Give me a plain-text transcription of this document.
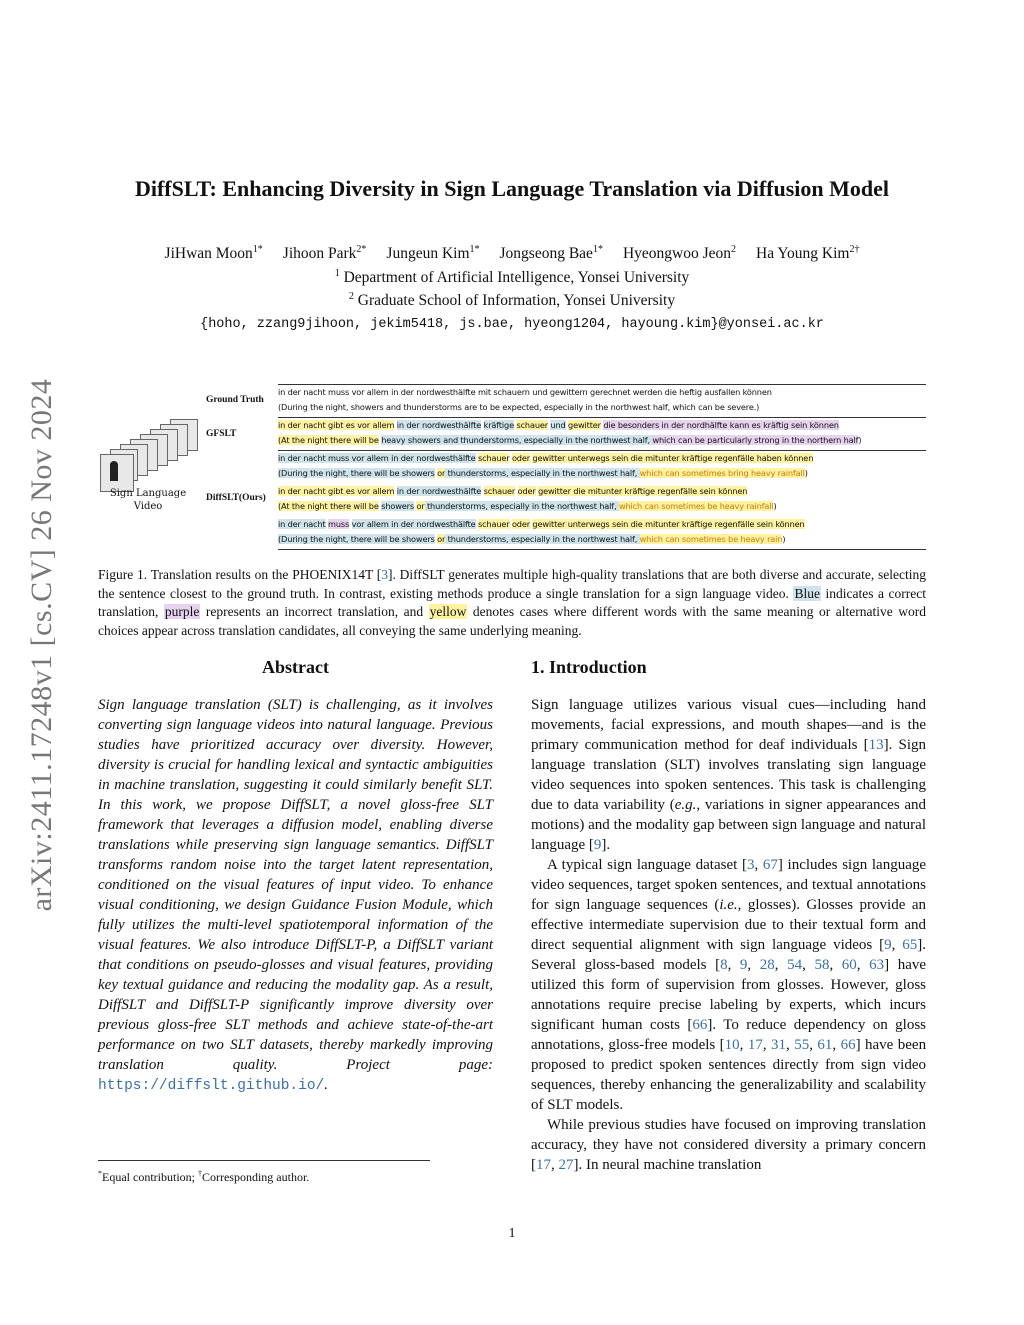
arXiv:2411.17248v1 [cs.CV] 26 Nov 2024
DiffSLT: Enhancing Diversity in Sign Language Translation via Diffusion Model
JiHwan Moon$^{1*}$ Jihoon Park$^{2*}$ Jungeun Kim$^{1*}$ Jongseong Bae$^{1*}$ Hyeongwoo Jeon$^2$ Ha Young Kim$^{2\dagger}$
$^1$ Department of Artificial Intelligence, Yonsei University
$^2$ Graduate School of Information, Yonsei University
{hoho, zzang9jihoon, jekim5418, js.bae, hyeong1204, hayoung.kim}@yonsei.ac.kr
Sign Language
Video
Ground Truth
in der nacht muss vor allem in der nordwesthälfte mit schauern und gewittern gerechnet werden die heftig ausfallen können
(During the night, showers and thunderstorms are to be expected, especially in the northwest half, which can be severe.)
GFSLT
in der nacht gibt es vor allem in der nordwesthälfte kräftige schauer und gewitter die besonders in der nordhälfte kann es kräftig sein können
(At the night there will be heavy showers and thunderstorms, especially in the northwest half, which can be particularly strong in the northern half)
DiffSLT(Ours)
in der nacht muss vor allem in der nordwesthälfte schauer oder gewitter unterwegs sein die mitunter kräftige regenfälle haben können
(During the night, there will be showers or thunderstorms, especially in the northwest half, which can sometimes bring heavy rainfall)
in der nacht gibt es vor allem in der nordwesthälfte schauer oder gewitter die mitunter kräftige regenfälle sein können
(At the night there will be showers or thunderstorms, especially in the northwest half, which can sometimes be heavy rainfall)
in der nacht muss vor allem in der nordwesthälfte schauer oder gewitter unterwegs sein die mitunter kräftige regenfälle sein können
(During the night, there will be showers or thunderstorms, especially in the northwest half, which can sometimes be heavy rain)
Figure 1. Translation results on the PHOENIX14T [3]. DiffSLT generates multiple high-quality translations that are both diverse and accurate, selecting the sentence closest to the ground truth. In contrast, existing methods produce a single translation for a sign language video. Blue indicates a correct translation, purple represents an incorrect translation, and yellow denotes cases where different words with the same meaning or alternative word choices appear across translation candidates, all conveying the same underlying meaning.
Abstract

Sign language translation (SLT) is challenging, as it involves converting sign language videos into natural language. Previous studies have prioritized accuracy over diversity. However, diversity is crucial for handling lexical and syntactic ambiguities in machine translation, suggesting it could similarly benefit SLT. In this work, we propose DiffSLT, a novel gloss-free SLT framework that leverages a diffusion model, enabling diverse translations while preserving sign language semantics. DiffSLT transforms random noise into the target latent representation, conditioned on the visual features of input video. To enhance visual conditioning, we design Guidance Fusion Module, which fully utilizes the multi-level spatiotemporal information of the visual features. We also introduce DiffSLT-P, a DiffSLT variant that conditions on pseudo-glosses and visual features, providing key textual guidance and reducing the modality gap. As a result, DiffSLT and DiffSLT-P significantly improve diversity over previous gloss-free SLT methods and achieve state-of-the-art performance on two SLT datasets, thereby markedly improving translation quality. Project page: https://diffslt.github.io/.

1. Introduction

Sign language utilizes various visual cues—including hand movements, facial expressions, and mouth shapes—and is the primary communication method for deaf individuals [13]. Sign language translation (SLT) involves translating sign language video sequences into spoken sentences. This task is challenging due to data variability (e.g., variations in signer appearances and motions) and the modality gap between sign language and natural language [9].

A typical sign language dataset [3, 67] includes sign language video sequences, target spoken sentences, and textual annotations for sign language sequences (i.e., glosses). Glosses provide an effective intermediate supervision due to their textual form and direct sequential alignment with sign language videos [9, 65]. Several gloss-based models [8, 9, 28, 54, 58, 60, 63] have utilized this form of supervision from glosses. However, gloss annotations require precise labeling by experts, which incurs significant human costs [66]. To reduce dependency on gloss annotations, gloss-free models [10, 17, 31, 55, 61, 66] have been proposed to predict spoken sentences directly from sign video sequences, thereby enhancing the generalizability and scalability of SLT models.

While previous studies have focused on improving translation accuracy, they have not considered diversity a primary concern [17, 27]. In neural machine translation

*Equal contribution; †Corresponding author.
1
